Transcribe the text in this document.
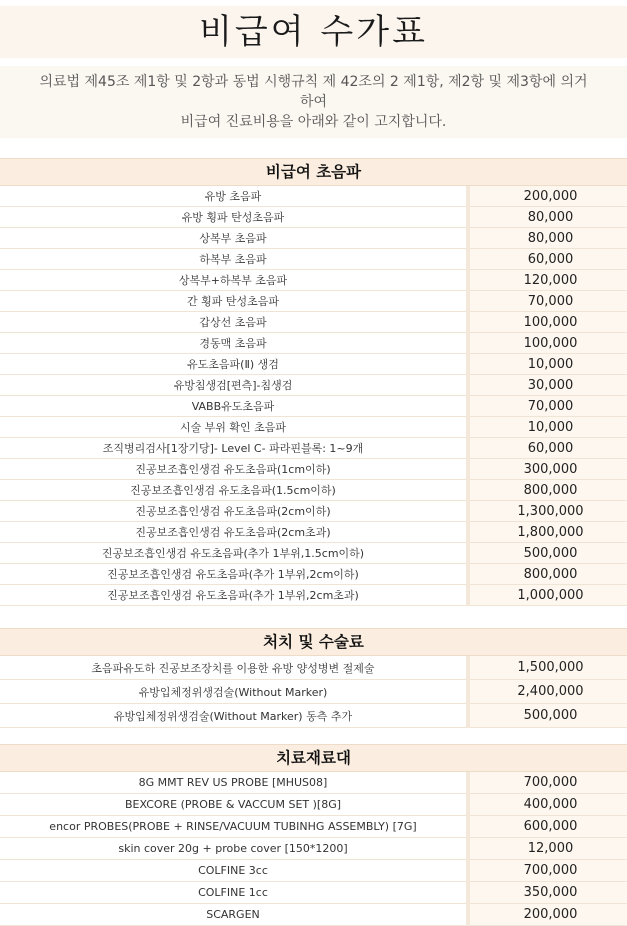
비급여 수가표
의료법 제45조 제1항 및 2항과 동법 시행규칙 제 42조의 2 제1항, 제2항 및 제3항에 의거
하여
비급여 진료비용을 아래와 같이 고지합니다.
비급여 초음파
유방 초음파	200,000
유방 횡파 탄성초음파	80,000
상복부 초음파	80,000
하복부 초음파	60,000
상복부+하복부 초음파	120,000
간 횡파 탄성초음파	70,000
갑상선 초음파	100,000
경동맥 초음파	100,000
유도초음파(Ⅱ) 생검	10,000
유방침생검[편측]-침생검	30,000
VABB유도초음파	70,000
시술 부위 확인 초음파	10,000
조직병리검사[1장기당]- Level C- 파라핀블록: 1~9개	60,000
진공보조흡인생검 유도초음파(1cm이하)	300,000
진공보조흡인생검 유도초음파(1.5cm이하)	800,000
진공보조흡인생검 유도초음파(2cm이하)	1,300,000
진공보조흡인생검 유도초음파(2cm초과)	1,800,000
진공보조흡인생검 유도초음파(추가 1부위,1.5cm이하)	500,000
진공보조흡인생검 유도초음파(추가 1부위,2cm이하)	800,000
진공보조흡인생검 유도초음파(추가 1부위,2cm초과)	1,000,000
처치 및 수술료
초음파유도하 진공보조장치를 이용한 유방 양성병변 절제술	1,500,000
유방입체정위생검술(Without Marker)	2,400,000
유방입체정위생검술(Without Marker) 동측 추가	500,000
치료재료대
8G MMT REV US PROBE [MHUS08]	700,000
BEXCORE (PROBE & VACCUM SET )[8G]	400,000
encor PROBES(PROBE + RINSE/VACUUM TUBINHG ASSEMBLY) [7G]	600,000
skin cover 20g + probe cover [150*1200]	12,000
COLFINE 3cc	700,000
COLFINE 1cc	350,000
SCARGEN	200,000
